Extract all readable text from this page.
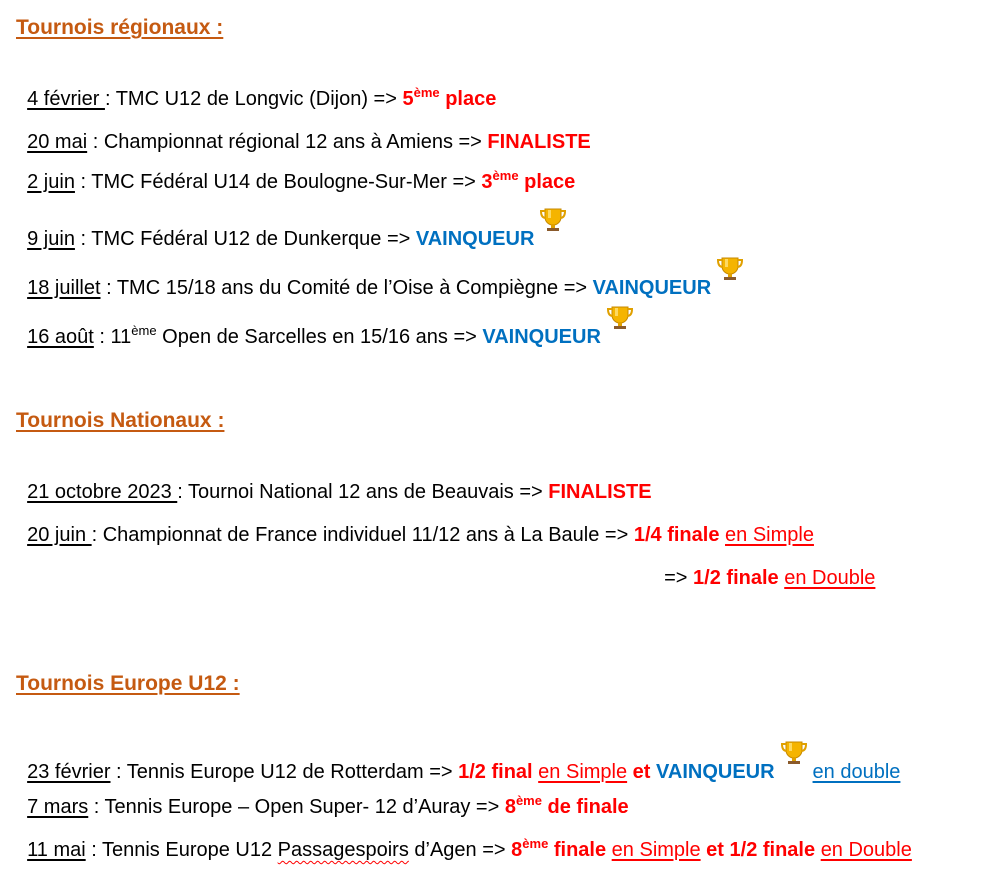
Tournois régionaux :

4 février : TMC U12 de Longvic (Dijon) => 5ème place

20 mai : Championnat régional 12 ans à Amiens => FINALISTE

2 juin : TMC Fédéral U14 de Boulogne-Sur-Mer => 3ème place

9 juin : TMC Fédéral U12 de Dunkerque => VAINQUEUR

18 juillet : TMC 15/18 ans du Comité de l’Oise à Compiègne => VAINQUEUR

16 août : 11ème Open de Sarcelles en 15/16 ans => VAINQUEUR

Tournois Nationaux :

21 octobre 2023 : Tournoi National 12 ans de Beauvais => FINALISTE

20 juin : Championnat de France individuel 11/12 ans à La Baule => 1/4 finale en Simple

=> 1/2 finale en Double

Tournois Europe U12 :

23 février : Tennis Europe U12 de Rotterdam => 1/2 final en Simple et VAINQUEUR en double

7 mars : Tennis Europe – Open Super- 12 d’Auray => 8ème de finale

11 mai : Tennis Europe U12 Passagespoirs d’Agen => 8ème finale en Simple et 1/2 finale en Double
